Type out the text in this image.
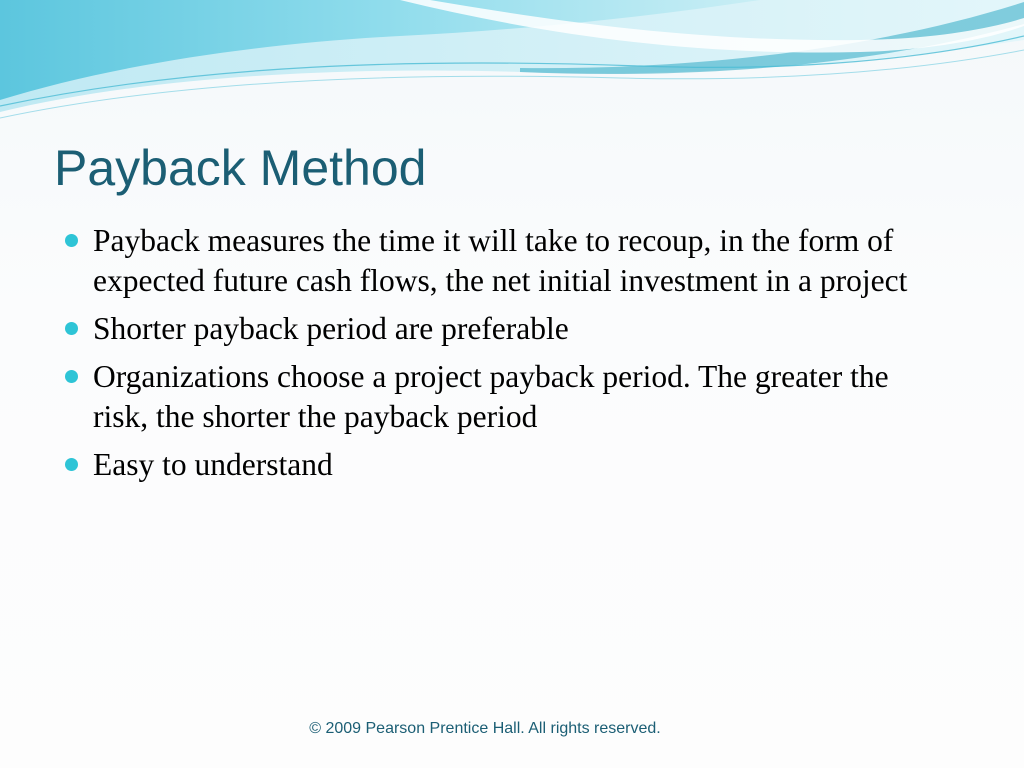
Payback Method
Payback measures the time it will take to recoup, in the form of expected future cash flows, the net initial investment in a project
Shorter payback period are preferable
Organizations choose a project payback period. The greater the risk, the shorter the payback period
Easy to understand
© 2009 Pearson Prentice Hall. All rights reserved.
